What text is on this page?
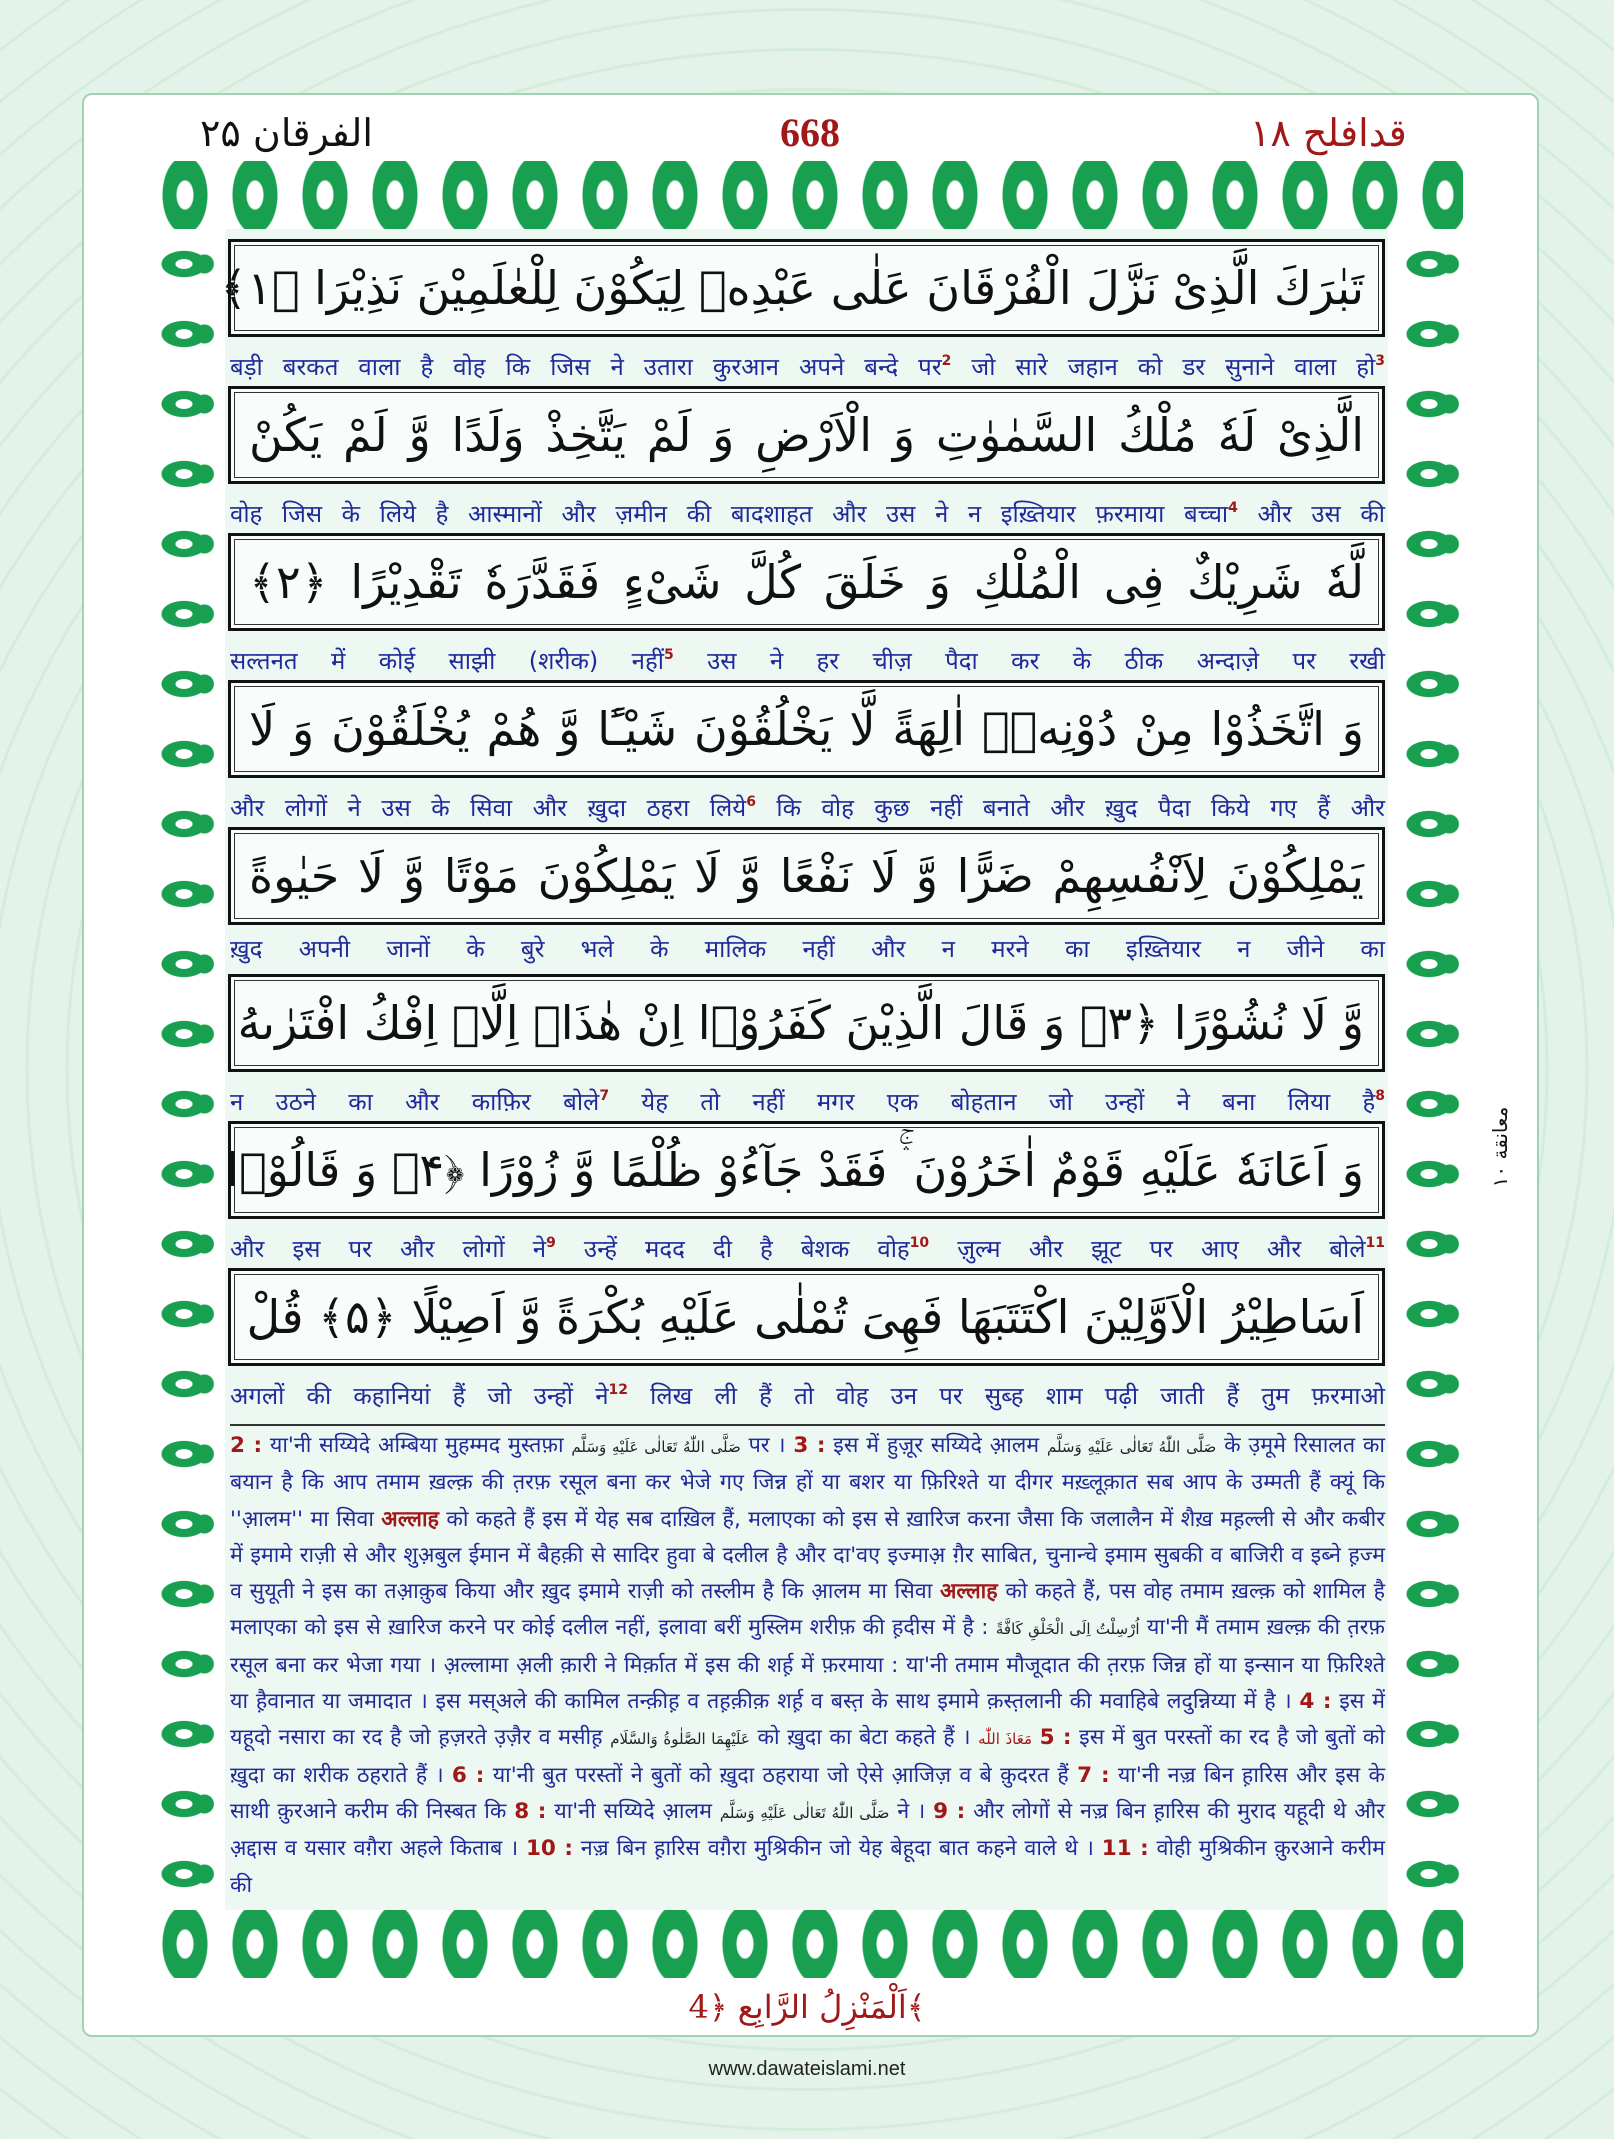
الفرقان ۲۵	668	قدافلح ۱۸
تَبٰرَكَ الَّذِیْ نَزَّلَ الْفُرْقَانَ عَلٰى عَبْدِهٖ لِیَكُوْنَ لِلْعٰلَمِیْنَ نَذِیْرَا ﴿۱﴾
बड़ी बरकत वाला है वोह कि जिस ने उतारा कुरआन अपने बन्दे पर$^2$ जो सारे जहान को डर सुनाने वाला हो$^3$
الَّذِیْ لَهٗ مُلْكُ السَّمٰوٰتِ وَ الْاَرْضِ وَ لَمْ یَتَّخِذْ وَلَدًا وَّ لَمْ یَكُنْ
वोह जिस के लिये है आस्मानों और ज़मीन की बादशाहत और उस ने न इख़्तियार फ़रमाया बच्चा$^4$ और उस की
لَّهٗ شَرِیْكٌ فِی الْمُلْكِ وَ خَلَقَ كُلَّ شَیْءٍ فَقَدَّرَهٗ تَقْدِیْرًا ﴿۲﴾
सल्तनत में कोई साझी (शरीक) नहीं$^5$ उस ने हर चीज़ पैदा कर के ठीक अन्दाज़े पर रखी
وَ اتَّخَذُوْا مِنْ دُوْنِهٖۤ اٰلِهَةً لَّا یَخْلُقُوْنَ شَیْـًٔا وَّ هُمْ یُخْلَقُوْنَ وَ لَا
और लोगों ने उस के सिवा और ख़ुदा ठहरा लिये$^6$ कि वोह कुछ नहीं बनाते और ख़ुद पैदा किये गए हैं और
یَمْلِكُوْنَ لِاَنْفُسِهِمْ ضَرًّا وَّ لَا نَفْعًا وَّ لَا یَمْلِكُوْنَ مَوْتًا وَّ لَا حَیٰوةً
ख़ुद अपनी जानों के बुरे भले के मालिक नहीं और न मरने का इख़्तियार न जीने का
وَّ لَا نُشُوْرًا ﴿۳﴾ وَ قَالَ الَّذِیْنَ كَفَرُوْۤا اِنْ هٰذَاۤ اِلَّاۤ اِفْكُ افْتَرٰىهُ
न उठने का और काफ़िर बोले$^7$ येह तो नहीं मगर एक बोहतान जो उन्हों ने बना लिया है$^8$
وَ اَعَانَهٗ عَلَیْهِ قَوْمٌ اٰخَرُوْنَ ۛۚ فَقَدْ جَآءُوْ ظُلْمًا وَّ زُوْرًا ﴿۴﴾ وَ قَالُوْۤا
और इस पर और लोगों ने$^9$ उन्हें मदद दी है बेशक वोह$^{10}$ ज़ुल्म और झूट पर आए और बोले$^{11}$
اَسَاطِیْرُ الْاَوَّلِیْنَ اكْتَتَبَهَا فَهِیَ تُمْلٰى عَلَیْهِ بُكْرَةً وَّ اَصِیْلًا ﴿۵﴾ قُلْ
अगलों की कहानियां हैं जो उन्हों ने$^{12}$ लिख ली हैं तो वोह उन पर सुब्ह शाम पढ़ी जाती हैं तुम फ़रमाओ
2 : या'नी सय्यिदे अम्बिया मुहम्मद मुस्तफ़ा صَلَّى اللّٰهُ تَعَالٰى عَلَيْهِ وَسَلَّم पर । 3 : इस में हुज़ूर सय्यिदे आ़लम صَلَّى اللّٰهُ تَعَالٰى عَلَيْهِ وَسَلَّم के उ़मूमे रिसालत का बयान है कि आप तमाम ख़ल्क़ की त़रफ़ रसूल बना कर भेजे गए जिन्न हों या बशर या फ़िरिश्ते या दीगर मख़्लूक़ात सब आप के उम्मती हैं क्यूं कि ''आ़लम'' मा सिवा अल्लाह को कहते हैं इस में येह सब दाख़िल हैं, मलाएका को इस से ख़ारिज करना जैसा कि जलालैन में शैख़ मह़ल्ली से और कबीर में इमामे राज़ी से और शुअ़बुल ईमान में बैहक़ी से सादिर हुवा बे दलील है और दा'वए इज्माअ़ ग़ैर साबित, चुनान्चे इमाम सुबकी व बाजिरी व इब्ने ह़ज्म व सुयूती ने इस का तआ़क़ुब किया और ख़ुद इमामे राज़ी को तस्लीम है कि आ़लम मा सिवा अल्लाह को कहते हैं, पस वोह तमाम ख़ल्क़ को शामिल है मलाएका को इस से ख़ारिज करने पर कोई दलील नहीं, इलावा बरीं मुस्लिम शरीफ़ की ह़दीस में है : اُرْسِلْتُ اِلَى الْخَلْقِ كَافَّةً या'नी मैं तमाम ख़ल्क़ की त़रफ़ रसूल बना कर भेजा गया । अ़ल्लामा अ़ली क़ारी ने मिर्क़ात में इस की शर्ह़ में फ़रमाया : या'नी तमाम मौजूदात की त़रफ़ जिन्न हों या इन्सान या फ़िरिश्ते या ह़ैवानात या जमादात । इस मस्अले की कामिल तन्क़ीह़ व तह़क़ीक़ शर्ह़ व बस्त़ के साथ इमामे क़स्त़लानी की मवाहिबे लदुन्निय्या में है । 4 : इस में यहूदो नसारा का रद है जो ह़ज़रते उ़ज़ैर व मसीह़ عَلَيْهِمَا الصَّلٰوةُ وَالسَّلَام को ख़ुदा का बेटा कहते हैं । مَعَاذَ اللّٰه 5 : इस में बुत परस्तों का रद है जो बुतों को ख़ुदा का शरीक ठहराते हैं । 6 : या'नी बुत परस्तों ने बुतों को ख़ुदा ठहराया जो ऐसे आ़जिज़ व बे क़ुदरत हैं 7 : या'नी नज़्र बिन ह़ारिस और इस के साथी क़ुरआने करीम की निस्बत कि 8 : या'नी सय्यिदे आ़लम صَلَّى اللّٰهُ تَعَالٰى عَلَيْهِ وَسَلَّم ने । 9 : और लोगों से नज़्र बिन ह़ारिस की मुराद यहूदी थे और अ़द्दास व यसार वग़ैरा अहले किताब । 10 : नज़्र बिन ह़ारिस वग़ैरा मुश्रिकीन जो येह बेहूदा बात कहने वाले थे । 11 : वोही मुश्रिकीन क़ुरआने करीम की
معانقة ۱۰
اَلْمَنْزِلُ الرَّابِع ﴿4﴾
www.dawateislami.net
